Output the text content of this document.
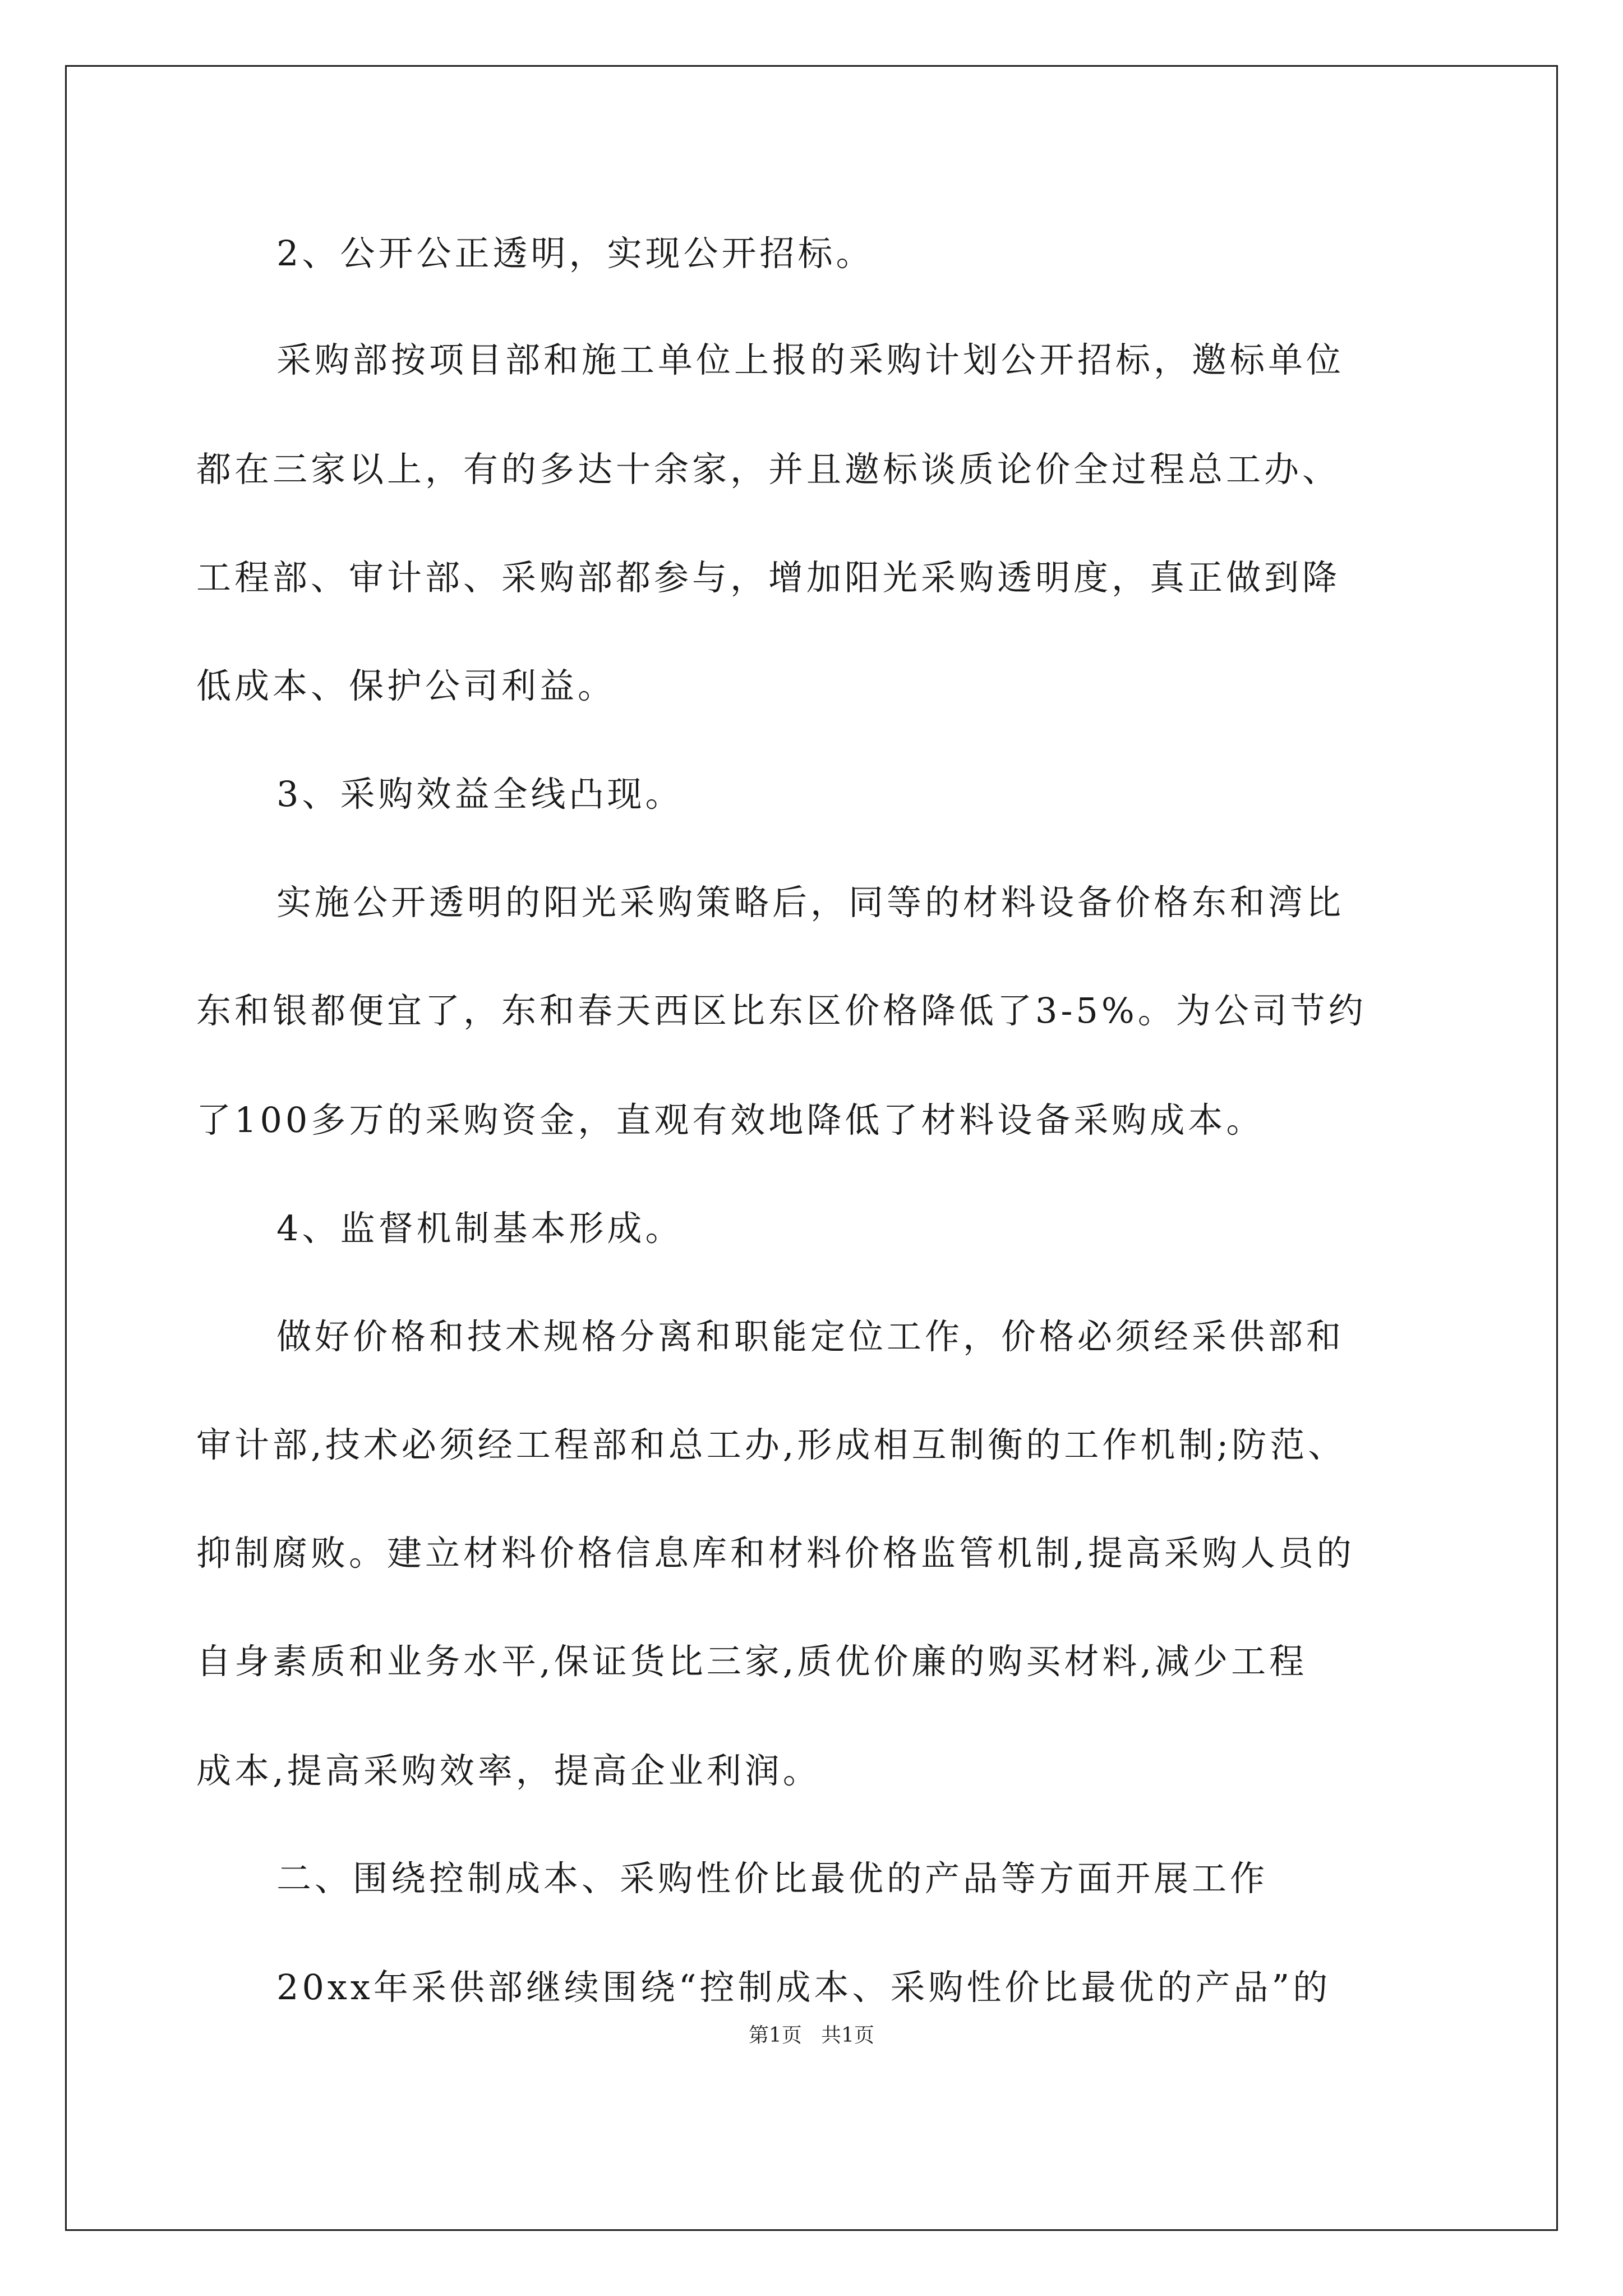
2、公开公正透明，实现公开招标。
采购部按项目部和施工单位上报的采购计划公开招标，邀标单位
都在三家以上，有的多达十余家，并且邀标谈质论价全过程总工办、
工程部、审计部、采购部都参与，增加阳光采购透明度，真正做到降
低成本、保护公司利益。
3、采购效益全线凸现。
实施公开透明的阳光采购策略后，同等的材料设备价格东和湾比
东和银都便宜了，东和春天西区比东区价格降低了3-5%。为公司节约
了100多万的采购资金，直观有效地降低了材料设备采购成本。
4、监督机制基本形成。
做好价格和技术规格分离和职能定位工作，价格必须经采供部和
审计部,技术必须经工程部和总工办,形成相互制衡的工作机制;防范、
抑制腐败。建立材料价格信息库和材料价格监管机制,提高采购人员的
自身素质和业务水平,保证货比三家,质优价廉的购买材料,减少工程
成本,提高采购效率，提高企业利润。
二、围绕控制成本、采购性价比最优的产品等方面开展工作
20xx年采供部继续围绕“控制成本、采购性价比最优的产品”的
第1页   共1页
